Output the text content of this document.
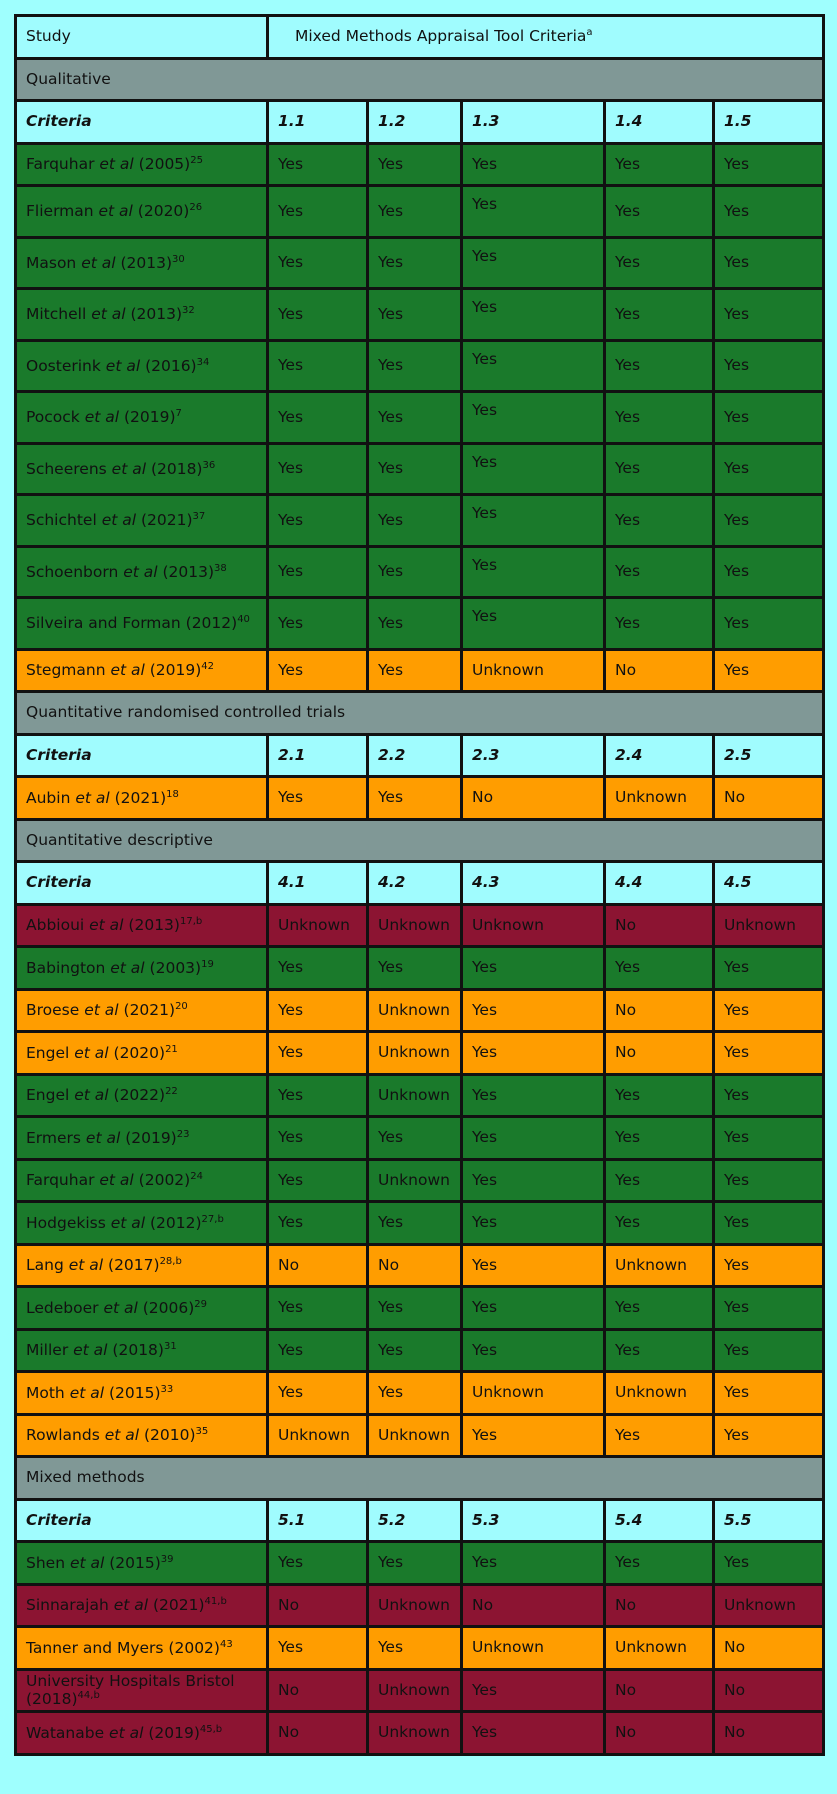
Study	Mixed Methods Appraisal Tool Criteria$^a$
Qualitative					
Criteria	1.1	1.2	1.3	1.4	1.5
Farquhar et al $(2005)^{25}$	Yes	Yes	Yes	Yes	Yes
Flierman et al $(2020)^{26}$	Yes	Yes	Yes	Yes	Yes
Mason et al $(2013)^{30}$	Yes	Yes	Yes	Yes	Yes
Mitchell et al $(2013)^{32}$	Yes	Yes	Yes	Yes	Yes
Oosterink et al $(2016)^{34}$	Yes	Yes	Yes	Yes	Yes
Pocock et al $(2019)^7$	Yes	Yes	Yes	Yes	Yes
Scheerens et al $(2018)^{36}$	Yes	Yes	Yes	Yes	Yes
Schichtel et al $(2021)^{37}$	Yes	Yes	Yes	Yes	Yes
Schoenborn et al $(2013)^{38}$	Yes	Yes	Yes	Yes	Yes
Silveira and Forman $(2012)^{40}$	Yes	Yes	Yes	Yes	Yes
Stegmann et al $(2019)^{42}$	Yes	Yes	Unknown	No	Yes
Quantitative randomised controlled trials					
Criteria	2.1	2.2	2.3	2.4	2.5
Aubin et al $(2021)^{18}$	Yes	Yes	No	Unknown	No
Quantitative descriptive					
Criteria	4.1	4.2	4.3	4.4	4.5
Abbioui et al $(2013)^{17,b}$	Unknown	Unknown	Unknown	No	Unknown
Babington et al $(2003)^{19}$	Yes	Yes	Yes	Yes	Yes
Broese et al $(2021)^{20}$	Yes	Unknown	Yes	No	Yes
Engel et al $(2020)^{21}$	Yes	Unknown	Yes	No	Yes
Engel et al $(2022)^{22}$	Yes	Unknown	Yes	Yes	Yes
Ermers et al $(2019)^{23}$	Yes	Yes	Yes	Yes	Yes
Farquhar et al $(2002)^{24}$	Yes	Unknown	Yes	Yes	Yes
Hodgekiss et al $(2012)^{27,b}$	Yes	Yes	Yes	Yes	Yes
Lang et al $(2017)^{28,b}$	No	No	Yes	Unknown	Yes
Ledeboer et al $(2006)^{29}$	Yes	Yes	Yes	Yes	Yes
Miller et al $(2018)^{31}$	Yes	Yes	Yes	Yes	Yes
Moth et al $(2015)^{33}$	Yes	Yes	Unknown	Unknown	Yes
Rowlands et al $(2010)^{35}$	Unknown	Unknown	Yes	Yes	Yes
Mixed methods					
Criteria	5.1	5.2	5.3	5.4	5.5
Shen et al $(2015)^{39}$	Yes	Yes	Yes	Yes	Yes
Sinnarajah et al $(2021)^{41,b}$	No	Unknown	No	No	Unknown
Tanner and Myers $(2002)^{43}$	Yes	Yes	Unknown	Unknown	No
University Hospitals Bristol $(2018)^{44,b}$	No	Unknown	Yes	No	No
Watanabe et al $(2019)^{45,b}$	No	Unknown	Yes	No	No
